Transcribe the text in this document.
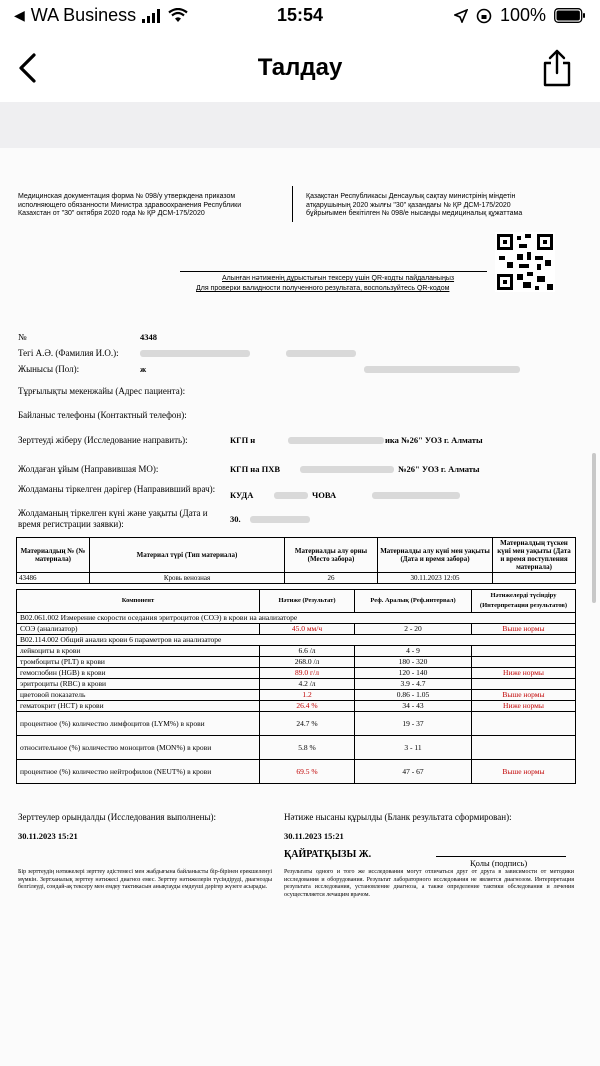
◀ WA Business	15:54	100%
Талдау
Медицинская документация форма № 098/у утверждена приказом
исполняющего обязанности Министра здравоохранения Республики
Казахстан от "30" октября 2020 года № ҚР ДСМ-175/2020
Қазақстан Республикасы Денсаулық сақтау министрінің міндетін
атқарушының 2020 жылғы "30" қазандағы № ҚР ДСМ-175/2020
бұйрығымен бекітілген № 098/е нысанды медициналық құжаттама
Алынған нәтиженің дұрыстығын тексеру үшін QR-кодты пайдаланыңыз
Для проверки валидности полученного результата, воспользуйтесь QR-кодом
№	4348
Тегі А.Ә. (Фамилия И.О.):
Жынысы (Пол):	ж
Тұрғылықты мекенжайы (Адрес пациента):
Байланыс телефоны (Контактный телефон):
Зерттеуді жіберу (Исследование направить):	КГП н	ика №26" УОЗ г. Алматы
Жолдаған ұйым (Направившая МО):	КГП на ПХВ	№26" УОЗ г. Алматы
Жолдаманы тіркелген дәрігер (Направивший врач):
КУДА	ЧОВА
Жолдаманың тіркелген күні және уақыты (Дата и время регистрации заявки):	30.
Материалдың № (№ материала)	Материал түрі (Тип материала)	Материалды алу орны (Место забора)	Материалды алу күні мен уақыты (Дата и время забора)	Материалдың түскен күні мен уақыты (Дата и время поступления материала)
43486	Кровь венозная	26	30.11.2023 12:05	
Компонент	Нәтиже (Результат)	Реф. Аралық (Реф.интервал)	Нәтижелерді түсіндіру (Интерпретация результатов)
B02.061.002 Измерение скорости оседания эритроцитов (СОЭ) в крови на анализаторе			
СОЭ (анализатор)	45.0 мм/ч	2 - 20	Выше нормы
B02.114.002 Общий анализ крови 6 параметров на анализаторе			
лейкоциты в крови	6.6 /л	4 - 9	
тромбоциты (PLT) в крови	268.0 /л	180 - 320	
гемоглобин (HGB) в крови	89.0 г/л	120 - 140	Ниже нормы
эритроциты (RBC) в крови	4.2 /л	3.9 - 4.7	
цветовой показатель	1.2	0.86 - 1.05	Выше нормы
гематокрит (HCT) в крови	26.4 %	34 - 43	Ниже нормы
процентное (%) количество лимфоцитов (LYM%) в крови	24.7 %	19 - 37	
относительное (%) количество моноцитов (MON%) в крови	5.8 %	3 - 11	
процентное (%) количество нейтрофилов (NEUT%) в крови	69.5 %	47 - 67	Выше нормы
Зерттеулер орындалды (Исследования выполнены):
30.11.2023 15:21
Нәтиже нысаны құрылды (Бланк результата сформирован):
30.11.2023 15:21
ҚАЙРАТҚЫЗЫ Ж.
Қолы (подпись)
Бір зерттеудің нәтижелері зерттеу әдістемесі мен жабдығына байланысты бір-бірінен ерекшеленуі мүмкін. Зертханалық зерттеу нәтижесі диагноз емес. Зерттеу нәтижелерін түсіндіруді, диагнозды белгілеуді, сондай-ақ тексеру мен емдеу тактикасын анықтауды емдеуші дәрігер жүзеге асырады.
Результаты одного и того же исследования могут отличаться друг от друга в зависимости от методики исследования и оборудования. Результат лабораторного исследования не является диагнозом. Интерпретация результата исследования, установление диагноза, а также определение тактики обследования и лечения осуществляется лечащим врачом.
